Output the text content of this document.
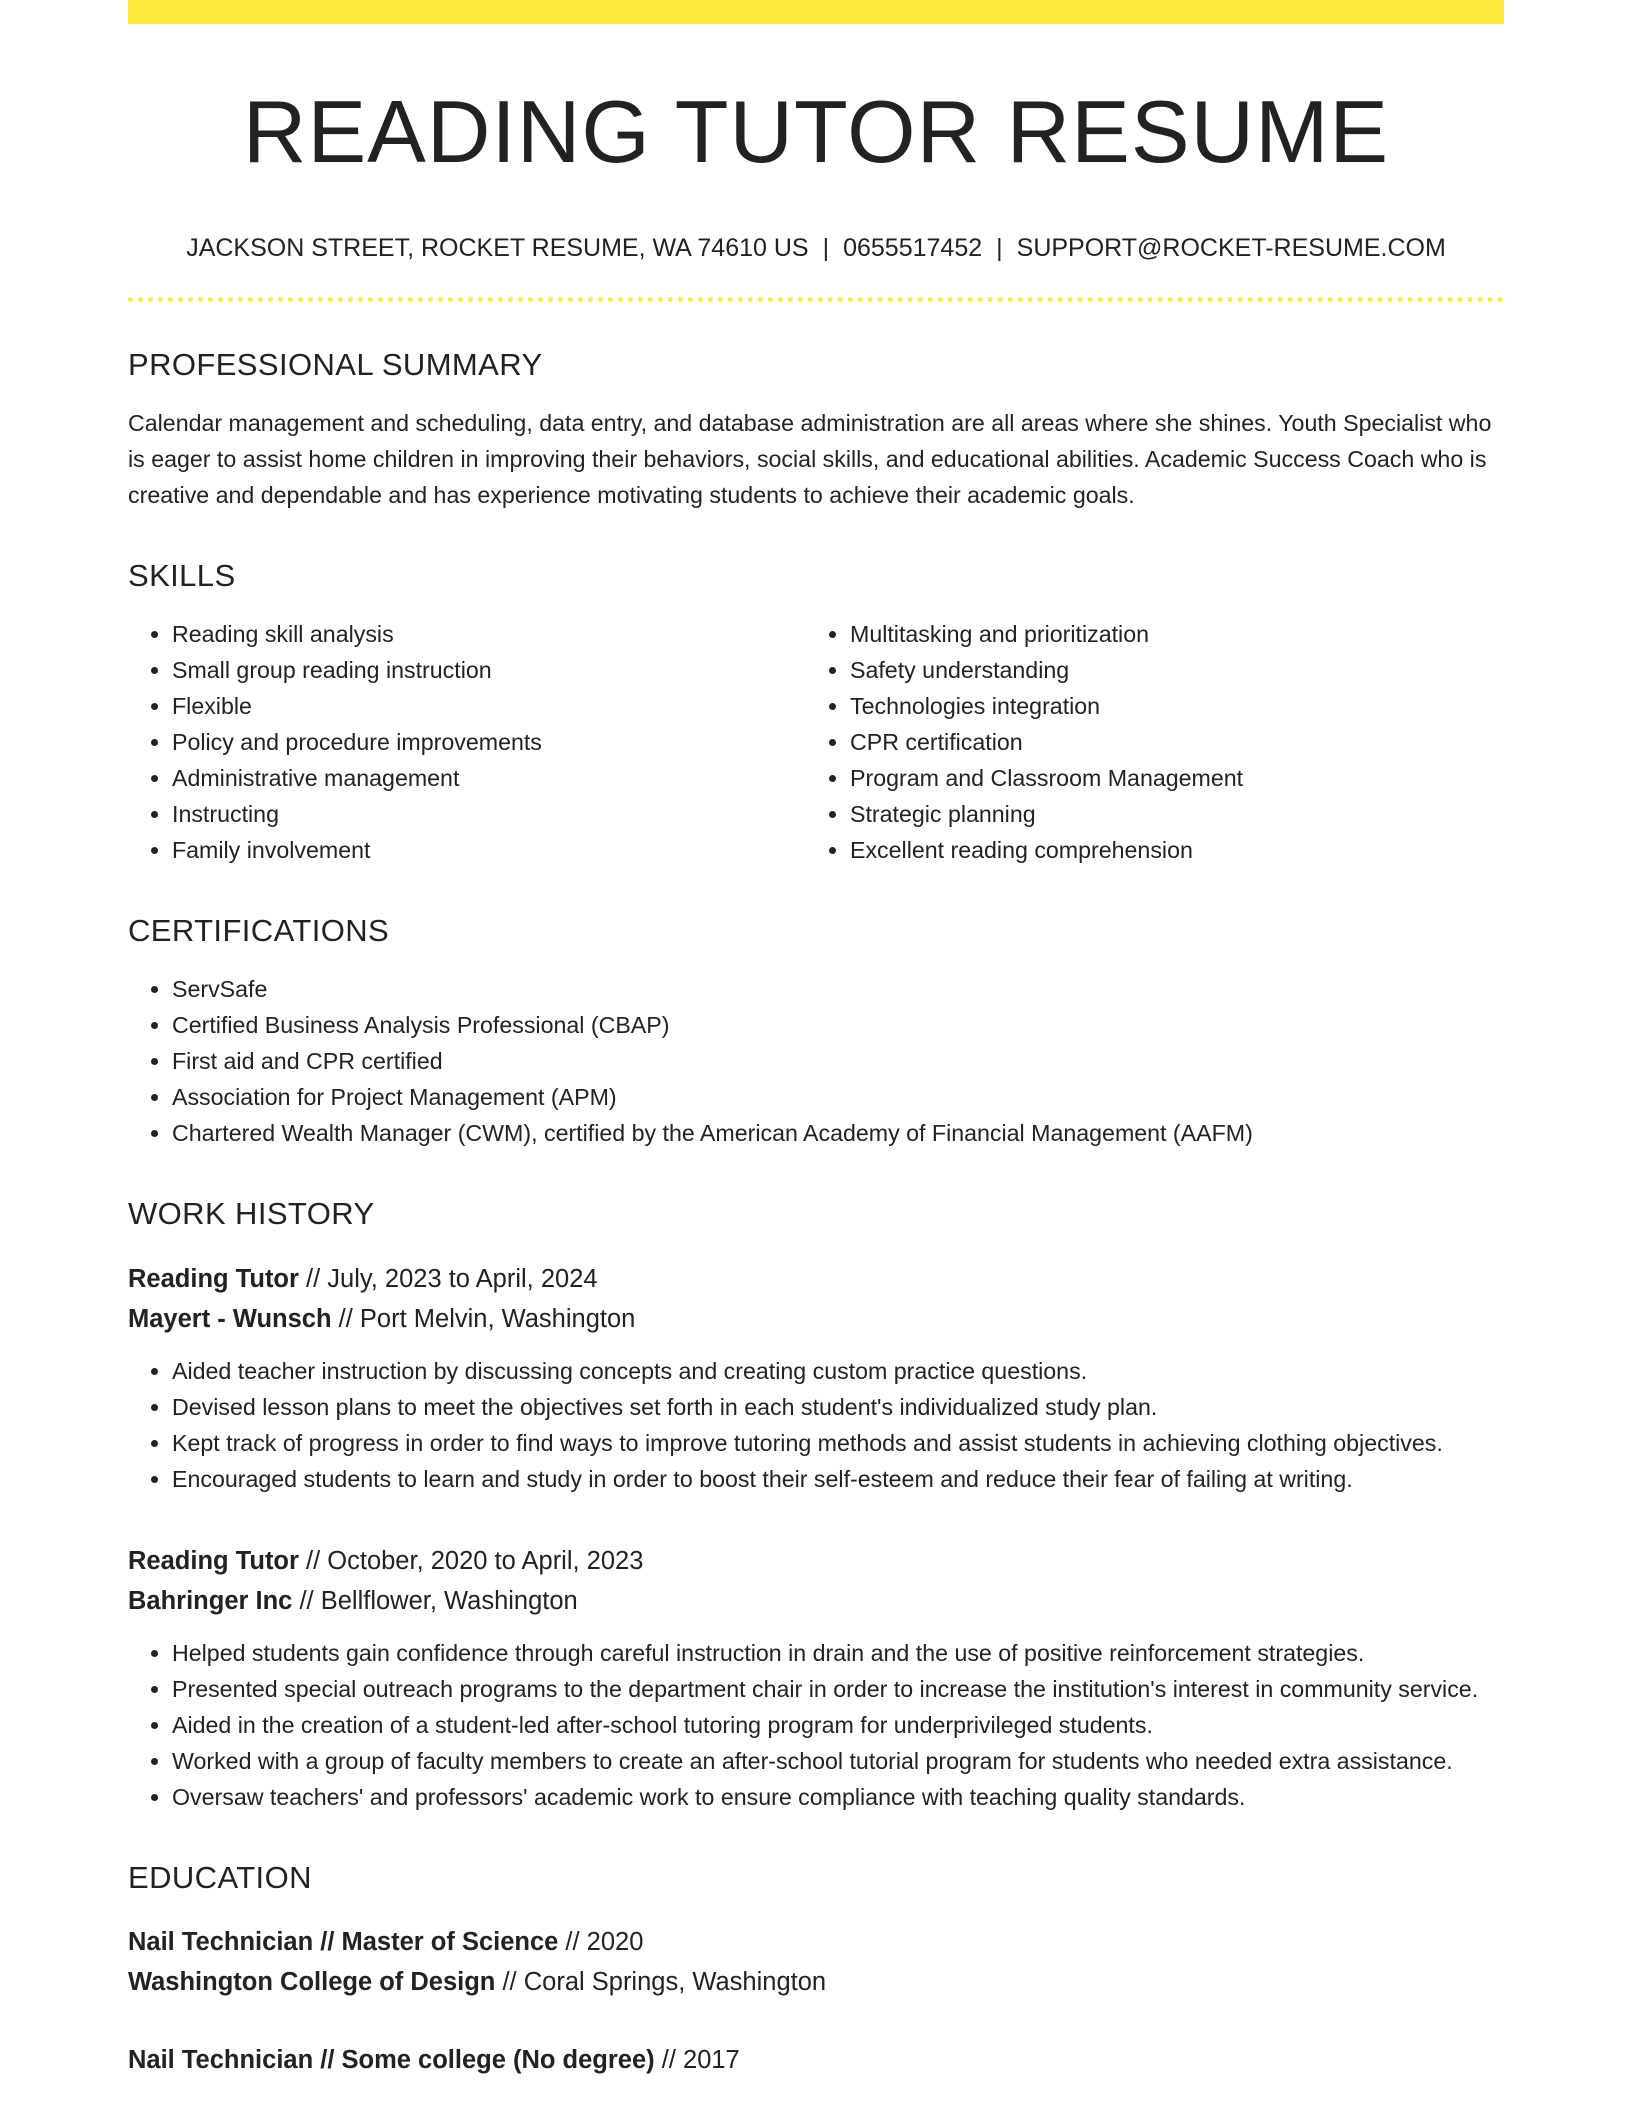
READING TUTOR RESUME
JACKSON STREET, ROCKET RESUME, WA 74610 US | 0655517452 | SUPPORT@ROCKET-RESUME.COM
PROFESSIONAL SUMMARY

Calendar management and scheduling, data entry, and database administration are all areas where she shines. Youth Specialist who is eager to assist home children in improving their behaviors, social skills, and educational abilities. Academic Success Coach who is creative and dependable and has experience motivating students to achieve their academic goals.

SKILLS
• Reading skill analysis
• Small group reading instruction
• Flexible
• Policy and procedure improvements
• Administrative management
• Instructing
• Family involvement
• Multitasking and prioritization
• Safety understanding
• Technologies integration
• CPR certification
• Program and Classroom Management
• Strategic planning
• Excellent reading comprehension
CERTIFICATIONS
• ServSafe
• Certified Business Analysis Professional (CBAP)
• First aid and CPR certified
• Association for Project Management (APM)
• Chartered Wealth Manager (CWM), certified by the American Academy of Financial Management (AAFM)
WORK HISTORY
Reading Tutor // July, 2023 to April, 2024
Mayert - Wunsch // Port Melvin, Washington
• Aided teacher instruction by discussing concepts and creating custom practice questions.
• Devised lesson plans to meet the objectives set forth in each student's individualized study plan.
• Kept track of progress in order to find ways to improve tutoring methods and assist students in achieving clothing objectives.
• Encouraged students to learn and study in order to boost their self-esteem and reduce their fear of failing at writing.
Reading Tutor // October, 2020 to April, 2023
Bahringer Inc // Bellflower, Washington
• Helped students gain confidence through careful instruction in drain and the use of positive reinforcement strategies.
• Presented special outreach programs to the department chair in order to increase the institution's interest in community service.
• Aided in the creation of a student-led after-school tutoring program for underprivileged students.
• Worked with a group of faculty members to create an after-school tutorial program for students who needed extra assistance.
• Oversaw teachers' and professors' academic work to ensure compliance with teaching quality standards.
EDUCATION
Nail Technician // Master of Science // 2020
Washington College of Design // Coral Springs, Washington
Nail Technician // Some college (No degree) // 2017
